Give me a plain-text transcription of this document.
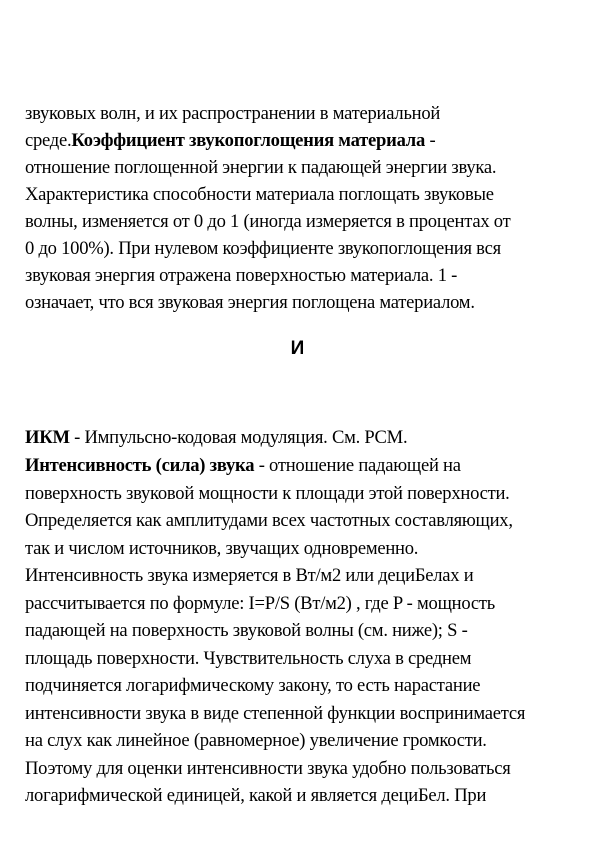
звуковых волн, и их распространении в материальной
среде.Коэффициент звукопоглощения материала -
отношение поглощенной энергии к падающей энергии звука.
Характеристика способности материала поглощать звуковые
волны, изменяется от 0 до 1 (иногда измеряется в процентах от
0 до 100%). При нулевом коэффициенте звукопоглощения вся
звуковая энергия отражена поверхностью материала. 1 -
означает, что вся звуковая энергия поглощена материалом.
И
ИКМ - Импульсно-кодовая модуляция. См. PCM.
Интенсивность (сила) звука - отношение падающей на
поверхность звуковой мощности к площади этой поверхности.
Определяется как амплитудами всех частотных составляющих,
так и числом источников, звучащих одновременно.
Интенсивность звука измеряется в Вт/м2 или дециБелах и
рассчитывается по формуле: I=P/S (Вт/м2) , где P - мощность
падающей на поверхность звуковой волны (см. ниже); S -
площадь поверхности. Чувствительность слуха в среднем
подчиняется логарифмическому закону, то есть нарастание
интенсивности звука в виде степенной функции воспринимается
на слух как линейное (равномерное) увеличение громкости.
Поэтому для оценки интенсивности звука удобно пользоваться
логарифмической единицей, какой и является дециБел. При
